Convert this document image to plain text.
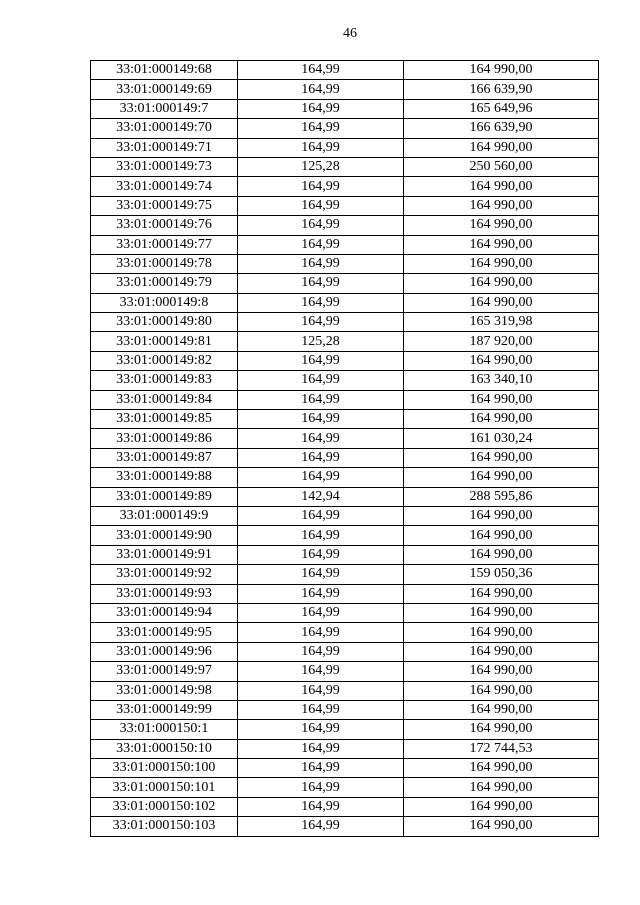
46
33:01:000149:68	164,99	164 990,00
33:01:000149:69	164,99	166 639,90
33:01:000149:7	164,99	165 649,96
33:01:000149:70	164,99	166 639,90
33:01:000149:71	164,99	164 990,00
33:01:000149:73	125,28	250 560,00
33:01:000149:74	164,99	164 990,00
33:01:000149:75	164,99	164 990,00
33:01:000149:76	164,99	164 990,00
33:01:000149:77	164,99	164 990,00
33:01:000149:78	164,99	164 990,00
33:01:000149:79	164,99	164 990,00
33:01:000149:8	164,99	164 990,00
33:01:000149:80	164,99	165 319,98
33:01:000149:81	125,28	187 920,00
33:01:000149:82	164,99	164 990,00
33:01:000149:83	164,99	163 340,10
33:01:000149:84	164,99	164 990,00
33:01:000149:85	164,99	164 990,00
33:01:000149:86	164,99	161 030,24
33:01:000149:87	164,99	164 990,00
33:01:000149:88	164,99	164 990,00
33:01:000149:89	142,94	288 595,86
33:01:000149:9	164,99	164 990,00
33:01:000149:90	164,99	164 990,00
33:01:000149:91	164,99	164 990,00
33:01:000149:92	164,99	159 050,36
33:01:000149:93	164,99	164 990,00
33:01:000149:94	164,99	164 990,00
33:01:000149:95	164,99	164 990,00
33:01:000149:96	164,99	164 990,00
33:01:000149:97	164,99	164 990,00
33:01:000149:98	164,99	164 990,00
33:01:000149:99	164,99	164 990,00
33:01:000150:1	164,99	164 990,00
33:01:000150:10	164,99	172 744,53
33:01:000150:100	164,99	164 990,00
33:01:000150:101	164,99	164 990,00
33:01:000150:102	164,99	164 990,00
33:01:000150:103	164,99	164 990,00
